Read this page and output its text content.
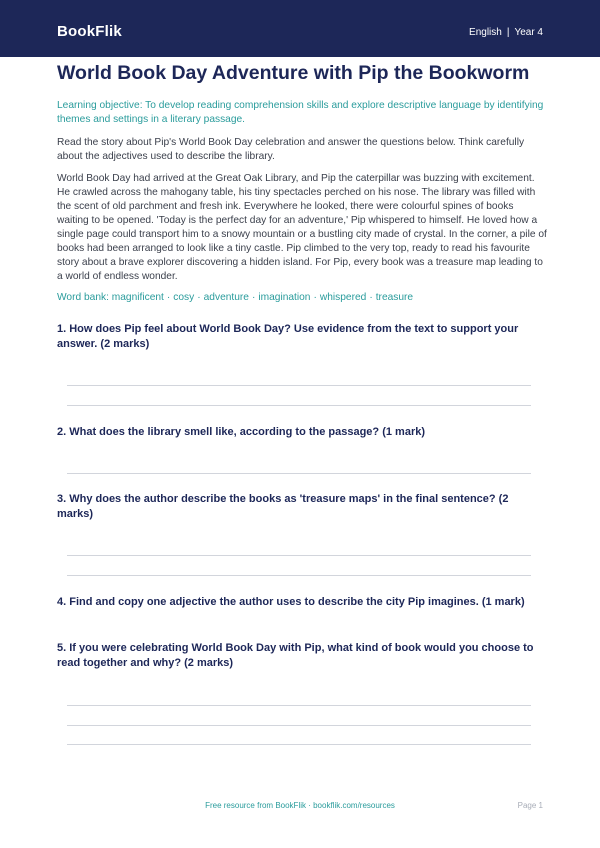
BookFlik	English | Year 4
World Book Day Adventure with Pip the Bookworm

Learning objective: To develop reading comprehension skills and explore descriptive language by identifying themes and settings in a literary passage.

Read the story about Pip's World Book Day celebration and answer the questions below. Think carefully about the adjectives used to describe the library.

World Book Day had arrived at the Great Oak Library, and Pip the caterpillar was buzzing with excitement. He crawled across the mahogany table, his tiny spectacles perched on his nose. The library was filled with the scent of old parchment and fresh ink. Everywhere he looked, there were colourful spines of books waiting to be opened. 'Today is the perfect day for an adventure,' Pip whispered to himself. He loved how a single page could transport him to a snowy mountain or a bustling city made of crystal. In the corner, a pile of books had been arranged to look like a tiny castle. Pip climbed to the very top, ready to read his favourite story about a brave explorer discovering a hidden island. For Pip, every book was a treasure map leading to a world of endless wonder.

Word bank: magnificent · cosy · adventure · imagination · whispered · treasure

1. How does Pip feel about World Book Day? Use evidence from the text to support your answer. (2 marks)

2. What does the library smell like, according to the passage? (1 mark)

3. Why does the author describe the books as 'treasure maps' in the final sentence? (2 marks)

4. Find and copy one adjective the author uses to describe the city Pip imagines. (1 mark)

5. If you were celebrating World Book Day with Pip, what kind of book would you choose to read together and why? (2 marks)

Free resource from BookFlik · bookflik.com/resources	Page 1
